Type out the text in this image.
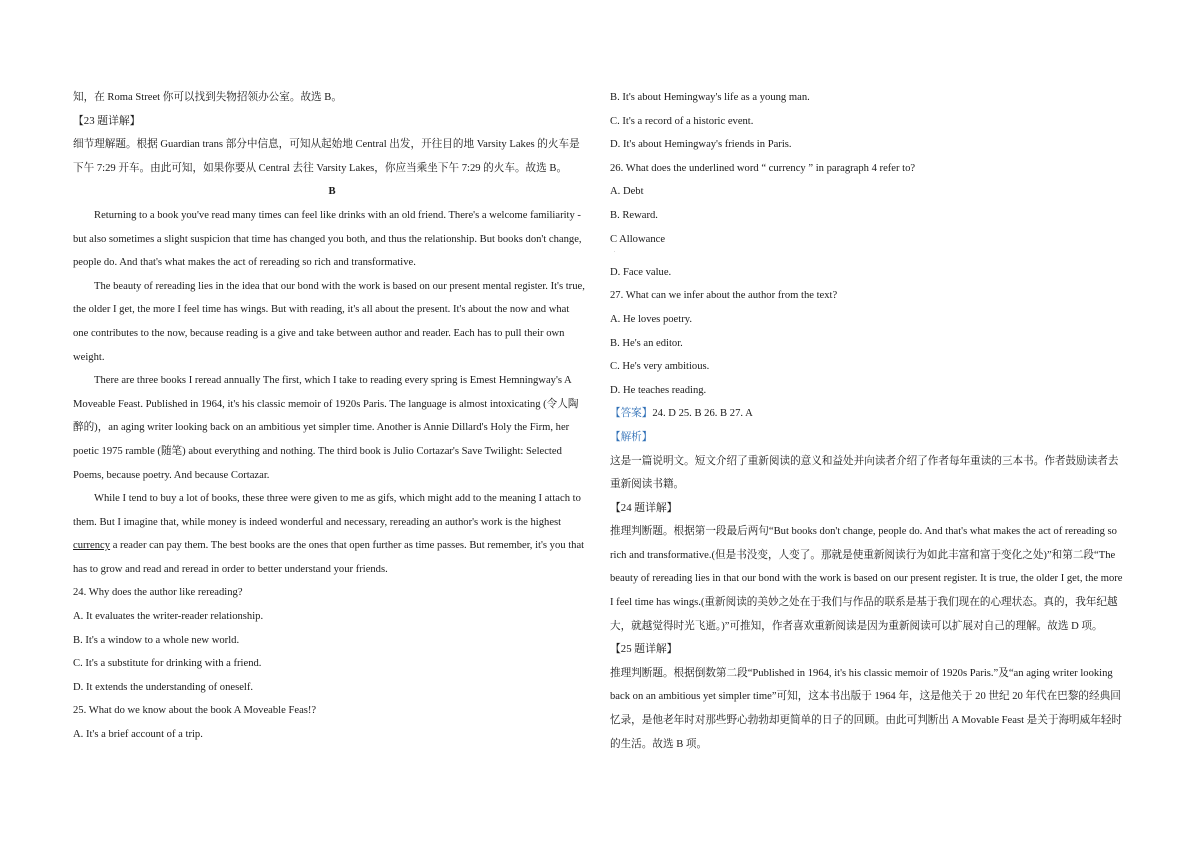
知，在 Roma Street 你可以找到失物招领办公室。故选 B。

【23 题详解】

细节理解题。根据 Guardian trans 部分中信息，可知从起始地 Central 出发，开往目的地 Varsity Lakes 的火车是

下午 7:29 开车。由此可知，如果你要从 Central 去往 Varsity Lakes，你应当乘坐下午 7:29 的火车。故选 B。

B

Returning to a book you've read many times can feel like drinks with an old friend. There's a welcome familiarity -

but also sometimes a slight suspicion that time has changed you both, and thus the relationship. But books don't change,

people do. And that's what makes the act of rereading so rich and transformative.

The beauty of rereading lies in the idea that our bond with the work is based on our present mental register. It's true,

the older I get, the more I feel time has wings. But with reading, it's all about the present. It's about the now and what

one contributes to the now, because reading is a give and take between author and reader. Each has to pull their own

weight.

There are three books I reread annually The first, which I take to reading every spring is Emest Hemningway's A

Moveable Feast. Published in 1964, it's his classic memoir of 1920s Paris. The language is almost intoxicating (令人陶

醉的)，an aging writer looking back on an ambitious yet simpler time. Another is Annie Dillard's Holy the Firm, her

poetic 1975 ramble (随笔) about everything and nothing. The third book is Julio Cortazar's Save Twilight: Selected

Poems, because poetry. And because Cortazar.

While I tend to buy a lot of books, these three were given to me as gifs, which might add to the meaning I attach to

them. But I imagine that, while money is indeed wonderful and necessary, rereading an author's work is the highest

currency a reader can pay them. The best books are the ones that open further as time passes. But remember, it's you that

has to grow and read and reread in order to better understand your friends.

24. Why does the author like rereading?

A. It evaluates the writer-reader relationship.

B. It's a window to a whole new world.

C. It's a substitute for drinking with a friend.

D. It extends the understanding of oneself.

25. What do we know about the book A Moveable Feas!?

A. It's a brief account of a trip.

B. It's about Hemingway's life as a young man.

C. It's a record of a historic event.

D. It's about Hemingway's friends in Paris.

26. What does the underlined word “ currency ” in paragraph 4 refer to?

A. Debt

B. Reward.

C Allowance

.

D. Face value.

27. What can we infer about the author from the text?

A. He loves poetry.

B. He's an editor.

C. He's very ambitious.

D. He teaches reading.

【答案】24. D 25. B 26. B 27. A

【解析】

这是一篇说明文。短文介绍了重新阅读的意义和益处并向读者介绍了作者每年重读的三本书。作者鼓励读者去

重新阅读书籍。

【24 题详解】

推理判断题。根据第一段最后两句“But books don't change, people do. And that's what makes the act of rereading so

rich and transformative.(但是书没变，人变了。那就是使重新阅读行为如此丰富和富于变化之处)”和第二段“The

beauty of rereading lies in that our bond with the work is based on our present register. It is true, the older I get, the more

I feel time has wings.(重新阅读的美妙之处在于我们与作品的联系是基于我们现在的心理状态。真的，我年纪越

大，就越觉得时光飞逝。)”可推知，作者喜欢重新阅读是因为重新阅读可以扩展对自己的理解。故选 D 项。

【25 题详解】

推理判断题。根据倒数第二段“Published in 1964, it's his classic memoir of 1920s Paris.”及“an aging writer looking

back on an ambitious yet simpler time”可知，这本书出版于 1964 年，这是他关于 20 世纪 20 年代在巴黎的经典回

忆录，是他老年时对那些野心勃勃却更简单的日子的回顾。由此可判断出 A Movable Feast 是关于海明威年轻时

的生活。故选 B 项。
